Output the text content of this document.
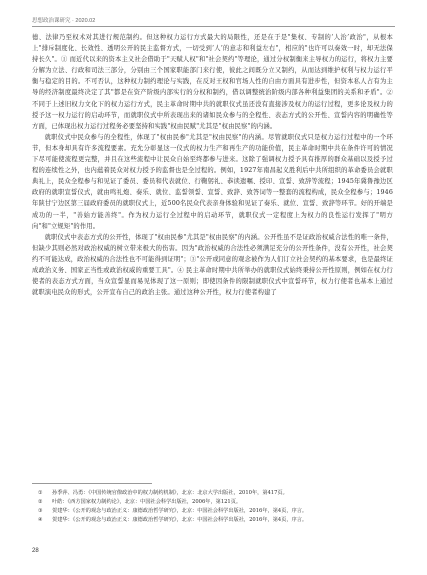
思想政治课研究 · 2020.02

德、法律乃至权术对其进行规范制约。但这种权力运行方式最大的局限性，还是在于是"集权、专制的‘人治’政治"，从根本上"排斥制度化、长效性、透明公开的民主监督方式，一切受到‘人’的意志和利益左右"，相应的"也许可以奏效一时，却无法保持长久"。① 而近代以来的资本主义社会借助于"天赋人权"和"社会契约"等理论，通过分权制衡来主导权力的运行，将权力主要分解为立法、行政和司法三部分，分别由三个国家职能部门来行使，彼此之间既分立又制约，从而达到维护权利与权力运行平衡与稳定的目的。不可否认，这种权力制约理论与实践，在反对王权和官场人性的自由方面具有进步性，但资本私人占有为主导的经济制度最终决定了其"都是在资产阶级内部实行的分权和制约，借以调整统治阶级内部各种利益集团的关系和矛盾"。② 不同于上述旧权力文化下的权力运行方式，民主革命时期中共的就职仪式虽还没有直接涉及权力的运行过程，更多论及权力的授予这一权力运行的启动环节，而就职仪式中所表现出来的诸如民众参与的全程性、表态方式的公开性、宣誓内容的明确性等方面，已体现出权力运行过程务必要坚持和实践"权由民赋"尤其是"权由民察"的内涵。

就职仪式中民众参与的全程性，体现了"权由民参"尤其是"权由民察"的内涵。尽管就职仪式只是权力运行过程中的一个环节，但本身却具有许多流程要素。充允分彰显这一仪式的权力生产和再生产的功能价值，民主革命时期中共在条件许可的情况下尽可能使流程更完整，并且在这些流程中让民众自始至终都参与进来。这除了强调权力授予具有推厚的群众基础以及授予过程的连续性之外，也内蕴着民众对权力授予的监督也是全过程的。例如，1927年南昌起义胜利后中共所组织的革命委员会就职典礼上，民众全程参与和见证了委员、委员和代表就位、行鞠躬礼、恭读遗嘱、授印、宣誓、致辞等流程；1945年冀鲁豫边区政府的就职宣誓仪式，就由鸣礼炮、奏乐、就位、监誓领誓、宣誓、致辞、致答词等一整套的流程构成，民众全程参与；1946年陕甘宁边区第三届政府委员的就职仪式上，近500名民众代表亲身体验和见证了奏乐、就位、宣誓、致辞等环节。好的开端是成功的一半，"善始方能善终"。作为权力运行全过程中的启动环节，就职仪式一定程度上为权力的良性运行发挥了"明方向"和"立规矩"的作用。

就职仪式中表态方式的公开性，体现了"权由民参"尤其是"权由民察"的内涵。公开性虽不是证政治权威合法性的唯一条件，但缺少其则必然对政治权威的树立带来极大的伤害。因为"政治权威的合法性必须满足充分的公开性条件，没有公开性，社会契约不可能达成，政治权威的合法性也不可能得到证明"；③"公开或同意的观念被作为人们订立社会契约的基本要求，也是最终证成政治义务、国家正当性或政治权威的重要工具"。④ 民主革命时期中共所举办的就职仪式始终秉持公开性原则，例如在权力行使者的表态方式方面，当众宣誓显而易见体现了这一原则；即使因条件的限制就职仪式中宣誓环节，权力行使者也基本上通过就职演电民众的形式，公开宣布自己的政治主张。通过这种公开性，权力行使者构建了

① 孙季萍、冯勇：《中国传统官僚政治中的权力制约机制》，北京：北京大学出版社，2010年，第417页。
② 叶皓：《西方国家权力制约论》，北京：中国社会科学出版社，2006年，第121页。
③ 贺建华：《公开的观念与政治正义：康德政治哲学研究》，北京：中国社会科学出版社，2016年，第4页，序言。
④ 贺建华：《公开的观念与政治正义：康德政治哲学研究》，北京：中国社会科学出版社，2016年，第4页，序言。
28
